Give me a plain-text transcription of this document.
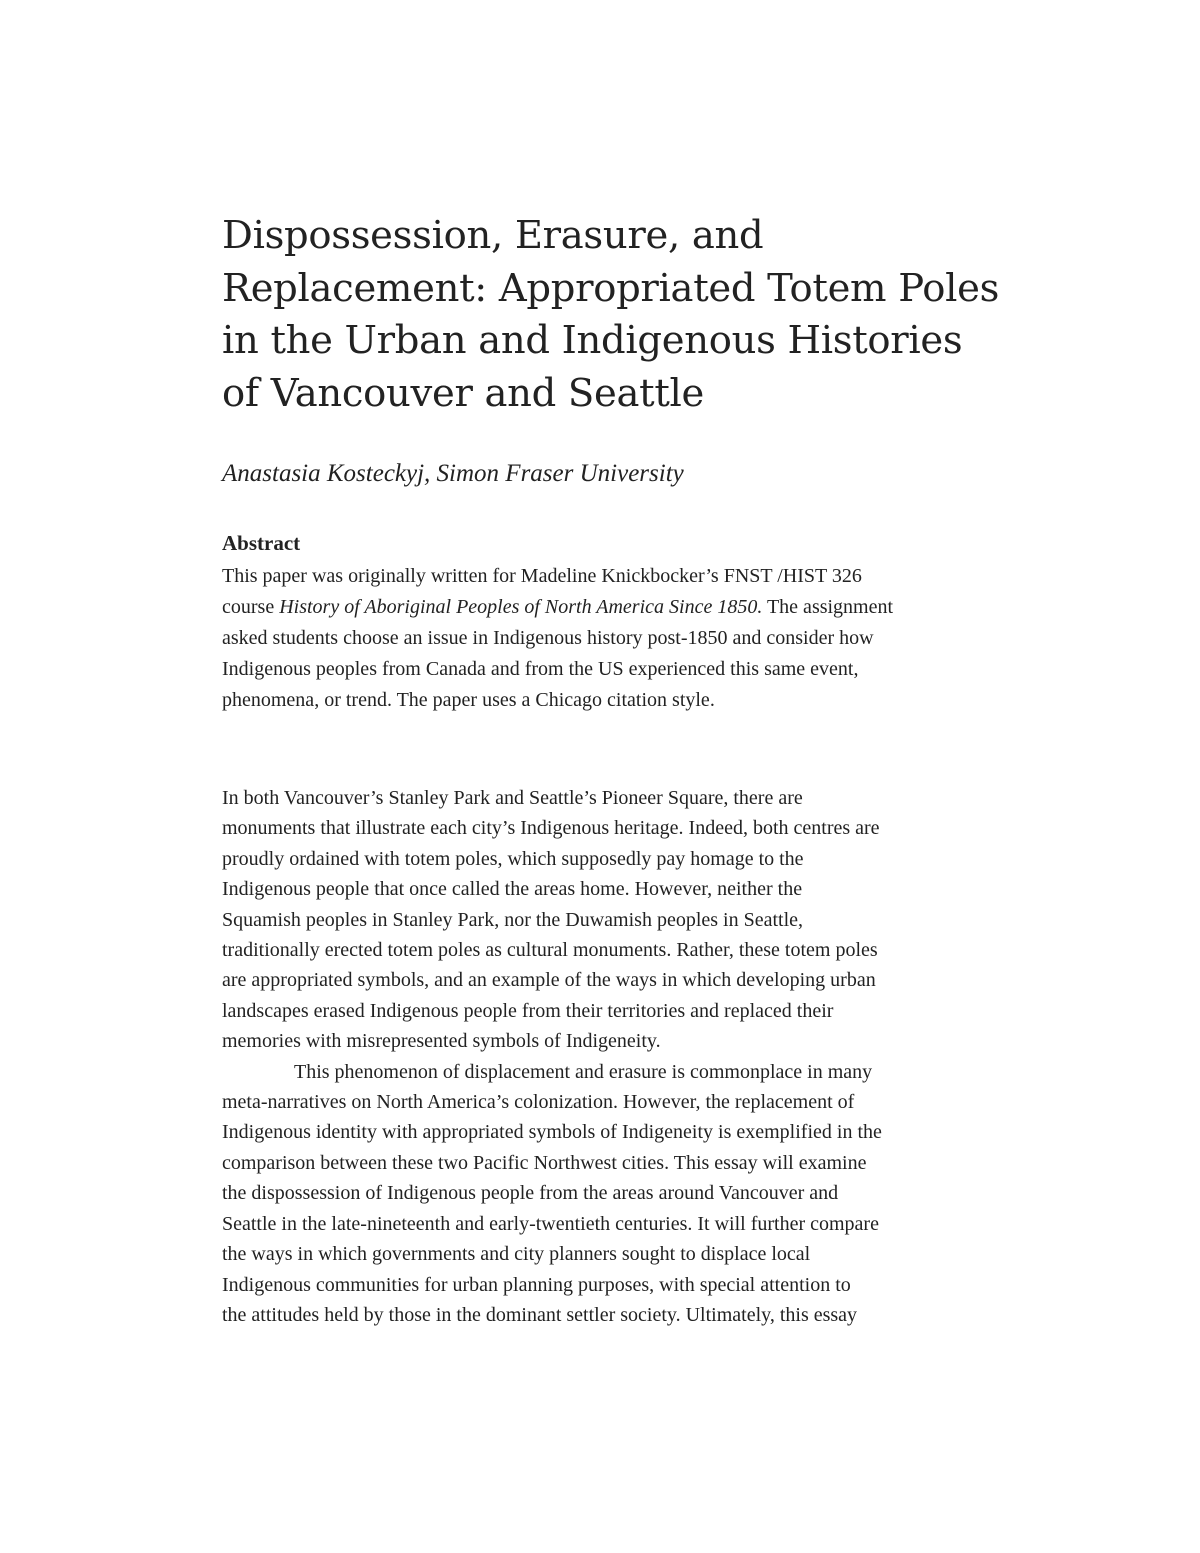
Dispossession, Erasure, and
Replacement: Appropriated Totem Poles
in the Urban and Indigenous Histories
of Vancouver and Seattle

Anastasia Kosteckyj, Simon Fraser University

Abstract

This paper was originally written for Madeline Knickbocker’s FNST /HIST 326
course History of Aboriginal Peoples of North America Since 1850. The assignment
asked students choose an issue in Indigenous history post-1850 and consider how
Indigenous peoples from Canada and from the US experienced this same event,
phenomena, or trend. The paper uses a Chicago citation style.

In both Vancouver’s Stanley Park and Seattle’s Pioneer Square, there are
monuments that illustrate each city’s Indigenous heritage. Indeed, both centres are
proudly ordained with totem poles, which supposedly pay homage to the
Indigenous people that once called the areas home. However, neither the
Squamish peoples in Stanley Park, nor the Duwamish peoples in Seattle,
traditionally erected totem poles as cultural monuments. Rather, these totem poles
are appropriated symbols, and an example of the ways in which developing urban
landscapes erased Indigenous people from their territories and replaced their
memories with misrepresented symbols of Indigeneity.
This phenomenon of displacement and erasure is commonplace in many
meta-narratives on North America’s colonization. However, the replacement of
Indigenous identity with appropriated symbols of Indigeneity is exemplified in the
comparison between these two Pacific Northwest cities. This essay will examine
the dispossession of Indigenous people from the areas around Vancouver and
Seattle in the late-nineteenth and early-twentieth centuries. It will further compare
the ways in which governments and city planners sought to displace local
Indigenous communities for urban planning purposes, with special attention to
the attitudes held by those in the dominant settler society. Ultimately, this essay
